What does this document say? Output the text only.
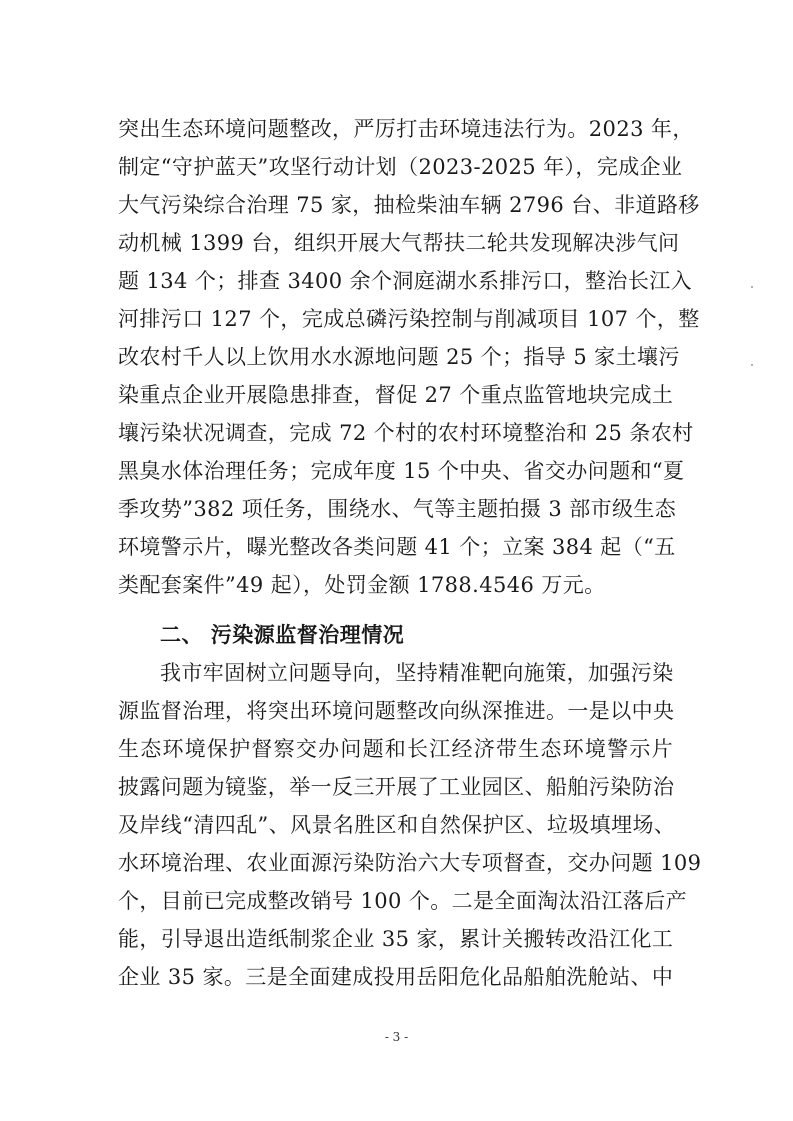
突出生态环境问题整改，严厉打击环境违法行为。2023 年，
制定“守护蓝天”攻坚行动计划（2023-2025 年），完成企业
大气污染综合治理 75 家，抽检柴油车辆 2796 台、非道路移
动机械 1399 台，组织开展大气帮扶二轮共发现解决涉气问
题 134 个；排查 3400 余个洞庭湖水系排污口，整治长江入
河排污口 127 个，完成总磷污染控制与削减项目 107 个，整
改农村千人以上饮用水水源地问题 25 个；指导 5 家土壤污
染重点企业开展隐患排查，督促 27 个重点监管地块完成土
壤污染状况调查，完成 72 个村的农村环境整治和 25 条农村
黑臭水体治理任务；完成年度 15 个中央、省交办问题和“夏
季攻势”382 项任务，围绕水、气等主题拍摄 3 部市级生态
环境警示片，曝光整改各类问题 41 个；立案 384 起（“五
类配套案件”49 起），处罚金额 1788.4546 万元。
二、 污染源监督治理情况
我市牢固树立问题导向，坚持精准靶向施策，加强污染
源监督治理，将突出环境问题整改向纵深推进。一是以中央
生态环境保护督察交办问题和长江经济带生态环境警示片
披露问题为镜鉴，举一反三开展了工业园区、船舶污染防治
及岸线“清四乱”、风景名胜区和自然保护区、垃圾填埋场、
水环境治理、农业面源污染防治六大专项督查，交办问题 109
个，目前已完成整改销号 100 个。二是全面淘汰沿江落后产
能，引导退出造纸制浆企业 35 家，累计关搬转改沿江化工
企业 35 家。三是全面建成投用岳阳危化品船舶洗舱站、中
- 3 -
